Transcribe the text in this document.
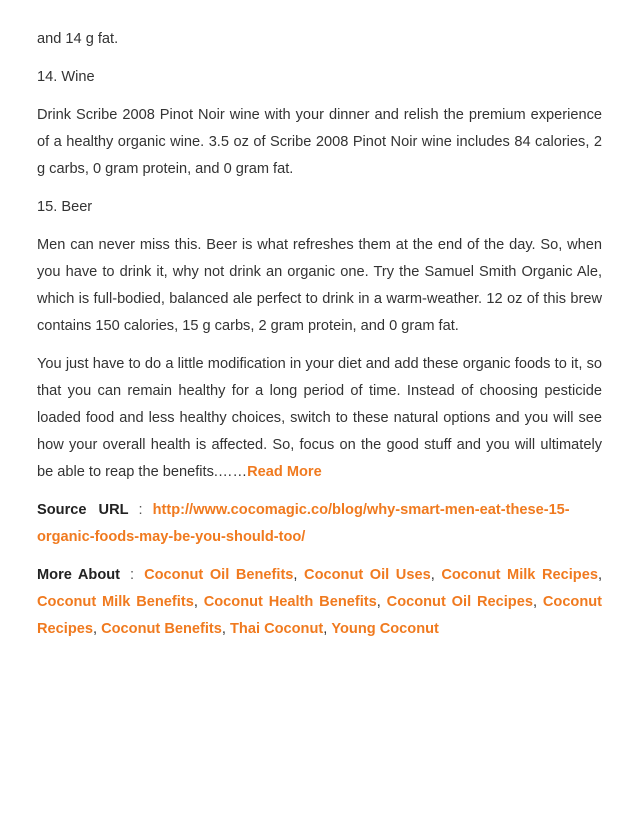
and 14 g fat.

14. Wine

Drink Scribe 2008 Pinot Noir wine with your dinner and relish the premium experience of a healthy organic wine. 3.5 oz of Scribe 2008 Pinot Noir wine includes 84 calories, 2 g carbs, 0 gram protein, and 0 gram fat.

15. Beer

Men can never miss this. Beer is what refreshes them at the end of the day. So, when you have to drink it, why not drink an organic one. Try the Samuel Smith Organic Ale, which is full-bodied, balanced ale perfect to drink in a warm-weather. 12 oz of this brew contains 150 calories, 15 g carbs, 2 gram protein, and 0 gram fat.

You just have to do a little modification in your diet and add these organic foods to it, so that you can remain healthy for a long period of time. Instead of choosing pesticide loaded food and less healthy choices, switch to these natural options and you will see how your overall health is affected. So, focus on the good stuff and you will ultimately be able to reap the benefits.……Read More

Source URL : http://www.cocomagic.co/blog/why-smart-men-eat-these-15-organic-foods-may-be-you-should-too/

More About : Coconut Oil Benefits, Coconut Oil Uses, Coconut Milk Recipes, Coconut Milk Benefits, Coconut Health Benefits, Coconut Oil Recipes, Coconut Recipes, Coconut Benefits, Thai Coconut, Young Coconut
